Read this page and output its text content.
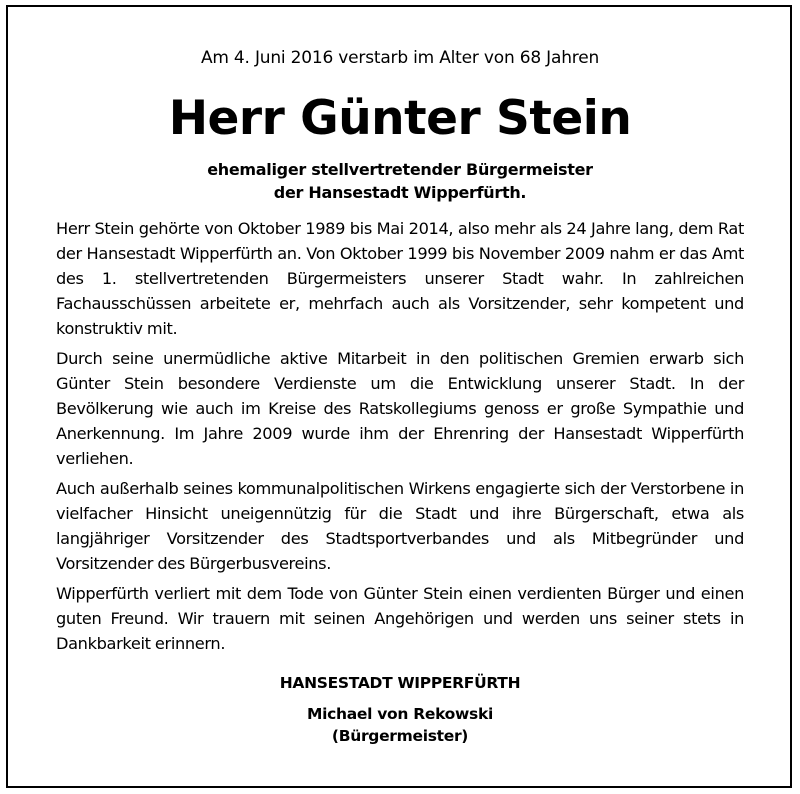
Am 4. Juni 2016 verstarb im Alter von 68 Jahren
Herr Günter Stein
ehemaliger stellvertretender Bürgermeister
der Hansestadt Wipperfürth.

Herr Stein gehörte von Oktober 1989 bis Mai 2014, also mehr als 24 Jahre lang, dem Rat der Hansestadt Wipperfürth an. Von Oktober 1999 bis November 2009 nahm er das Amt des 1. stellvertretenden Bürgermeisters unserer Stadt wahr. In zahlreichen Fachausschüssen arbeitete er, mehrfach auch als Vorsitzender, sehr kompetent und konstruktiv mit.

Durch seine unermüdliche aktive Mitarbeit in den politischen Gremien erwarb sich Günter Stein besondere Verdienste um die Entwicklung unserer Stadt. In der Bevölkerung wie auch im Kreise des Ratskollegiums genoss er große Sympathie und Anerkennung. Im Jahre 2009 wurde ihm der Ehrenring der Hansestadt Wipperfürth verliehen.

Auch außerhalb seines kommunalpolitischen Wirkens engagierte sich der Verstorbene in vielfacher Hinsicht uneigennützig für die Stadt und ihre Bürgerschaft, etwa als langjähriger Vorsitzender des Stadtsportverbandes und als Mitbegründer und Vorsitzender des Bürgerbusvereins.

Wipperfürth verliert mit dem Tode von Günter Stein einen verdienten Bürger und einen guten Freund. Wir trauern mit seinen Angehörigen und werden uns seiner stets in Dankbarkeit erinnern.

HANSESTADT WIPPERFÜRTH
Michael von Rekowski
(Bürgermeister)
